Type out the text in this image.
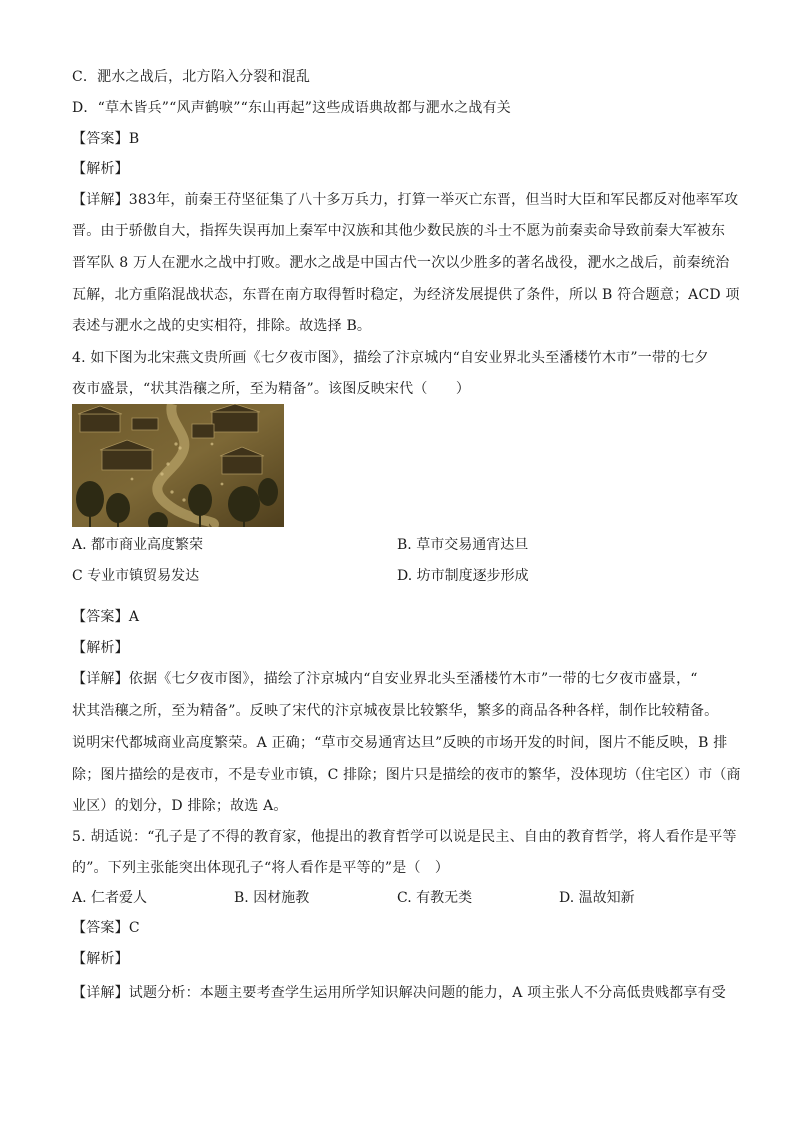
C．淝水之战后，北方陷入分裂和混乱
D．“草木皆兵”“风声鹤唳”“东山再起”这些成语典故都与淝水之战有关
【答案】B
【解析】
【详解】383年，前秦王苻坚征集了八十多万兵力，打算一举灭亡东晋，但当时大臣和军民都反对他率军攻
晋。由于骄傲自大，指挥失误再加上秦军中汉族和其他少数民族的斗士不愿为前秦卖命导致前秦大军被东
晋军队 8 万人在淝水之战中打败。淝水之战是中国古代一次以少胜多的著名战役，淝水之战后，前秦统治
瓦解，北方重陷混战状态，东晋在南方取得暂时稳定，为经济发展提供了条件，所以 B 符合题意；ACD 项
表述与淝水之战的史实相符，排除。故选择 B。
4. 如下图为北宋燕文贵所画《七夕夜市图》，描绘了汴京城内“自安业界北头至潘楼竹木市”一带的七夕
夜市盛景，“状其浩穰之所，至为精备”。该图反映宋代（　　）
A. 都市商业高度繁荣	B. 草市交易通宵达旦
C 专业市镇贸易发达	D. 坊市制度逐步形成
【答案】A
【解析】
【详解】依据《七夕夜市图》，描绘了汴京城内“自安业界北头至潘楼竹木市”一带的七夕夜市盛景，“
状其浩穰之所，至为精备”。反映了宋代的汴京城夜景比较繁华，繁多的商品各种各样，制作比较精备。
说明宋代都城商业高度繁荣。A 正确；“草市交易通宵达旦”反映的市场开发的时间，图片不能反映，B 排
除；图片描绘的是夜市，不是专业市镇，C 排除；图片只是描绘的夜市的繁华，没体现坊（住宅区）市（商
业区）的划分，D 排除；故选 A。
5. 胡适说：“孔子是了不得的教育家，他提出的教育哲学可以说是民主、自由的教育哲学，将人看作是平等
的”。下列主张能突出体现孔子“将人看作是平等的”是（　）
A. 仁者爱人	B. 因材施教	C. 有教无类	D. 温故知新
【答案】C
【解析】
【详解】试题分析：本题主要考查学生运用所学知识解决问题的能力，A 项主张人不分高低贵贱都享有受
